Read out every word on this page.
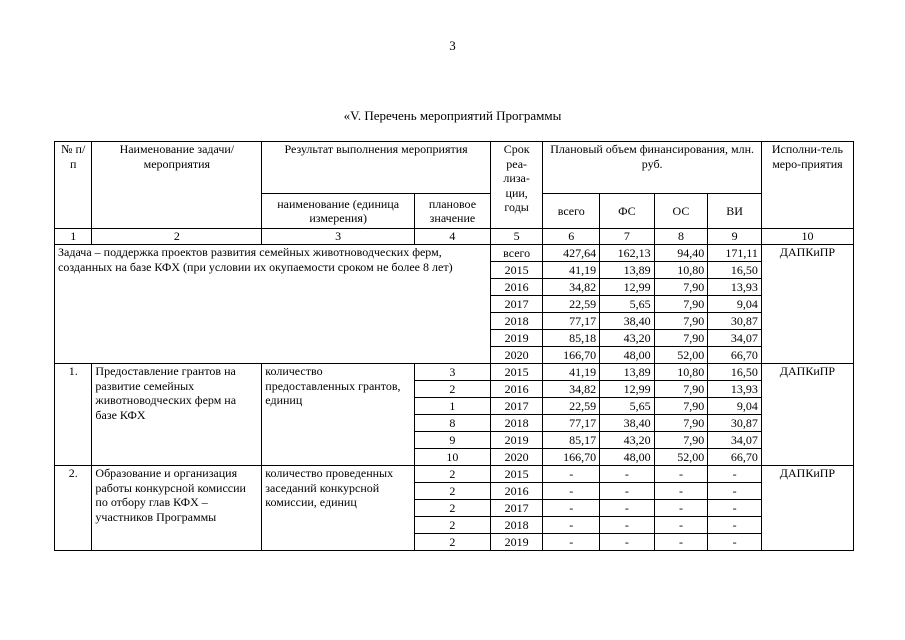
3
«V. Перечень мероприятий Программы
№ п/п	Наименование задачи/ мероприятия	Результат выполнения мероприятия		Срок реа-лиза-ции, годы	Плановый объем финансирования, млн. руб.				Исполни-тель меро-приятия
		наименование (единица измерения)	плановое значение		всего	ФС	ОС	ВИ	
1	2	3	4	5	6	7	8	9	10
Задача – поддержка проектов развития семейных животноводческих ферм, созданных на базе КФХ (при условии их окупаемости сроком не более 8 лет)				всего	427,64	162,13	94,40	171,11	ДАПКиПР
				2015	41,19	13,89	10,80	16,50	
				2016	34,82	12,99	7,90	13,93	
				2017	22,59	5,65	7,90	9,04	
				2018	77,17	38,40	7,90	30,87	
				2019	85,18	43,20	7,90	34,07	
				2020	166,70	48,00	52,00	66,70	
1.	Предоставление грантов на развитие семейных животноводческих ферм на базе КФХ	количество предоставленных грантов, единиц	3	2015	41,19	13,89	10,80	16,50	ДАПКиПР
			2	2016	34,82	12,99	7,90	13,93	
			1	2017	22,59	5,65	7,90	9,04	
			8	2018	77,17	38,40	7,90	30,87	
			9	2019	85,17	43,20	7,90	34,07	
			10	2020	166,70	48,00	52,00	66,70	
2.	Образование и организация работы конкурсной комиссии по отбору глав КФХ – участников Программы	количество проведенных заседаний конкурсной комиссии, единиц	2	2015	-	-	-	-	ДАПКиПР
			2	2016	-	-	-	-	
			2	2017	-	-	-	-	
			2	2018	-	-	-	-	
			2	2019	-	-	-	-	
